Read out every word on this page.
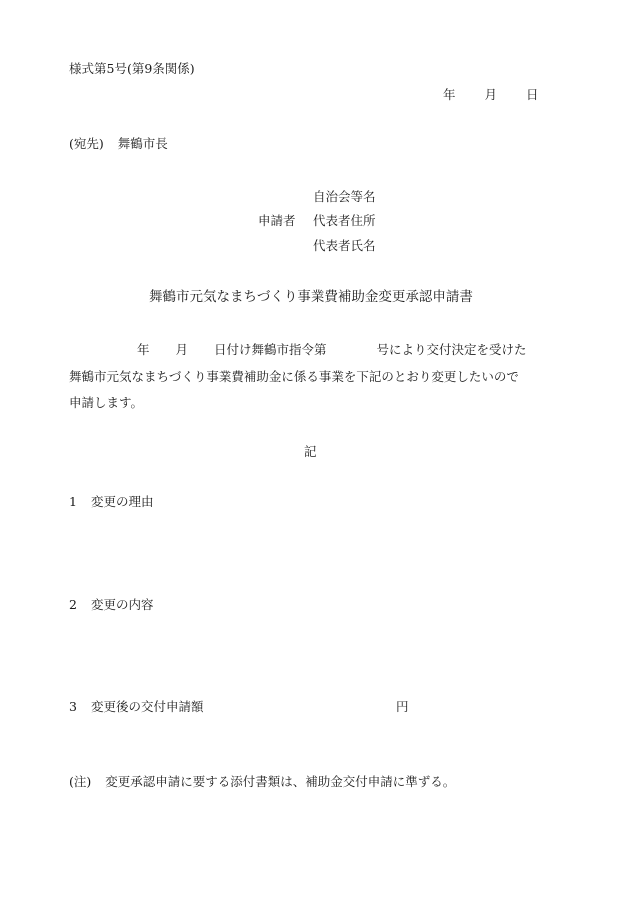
様式第5号(第9条関係)
年 月 日
(宛先) 舞鶴市長
自治会等名
申請者 代表者住所
代表者氏名
舞鶴市元気なまちづくり事業費補助金変更承認申請書
年 月 日付け舞鶴市指令第	号により交付決定を受けた
舞鶴市元気なまちづくり事業費補助金に係る事業を下記のとおり変更したいので
申請します。
記
1 変更の理由
2 変更の内容
3 変更後の交付申請額	円
(注) 変更承認申請に要する添付書類は、補助金交付申請に準ずる。
